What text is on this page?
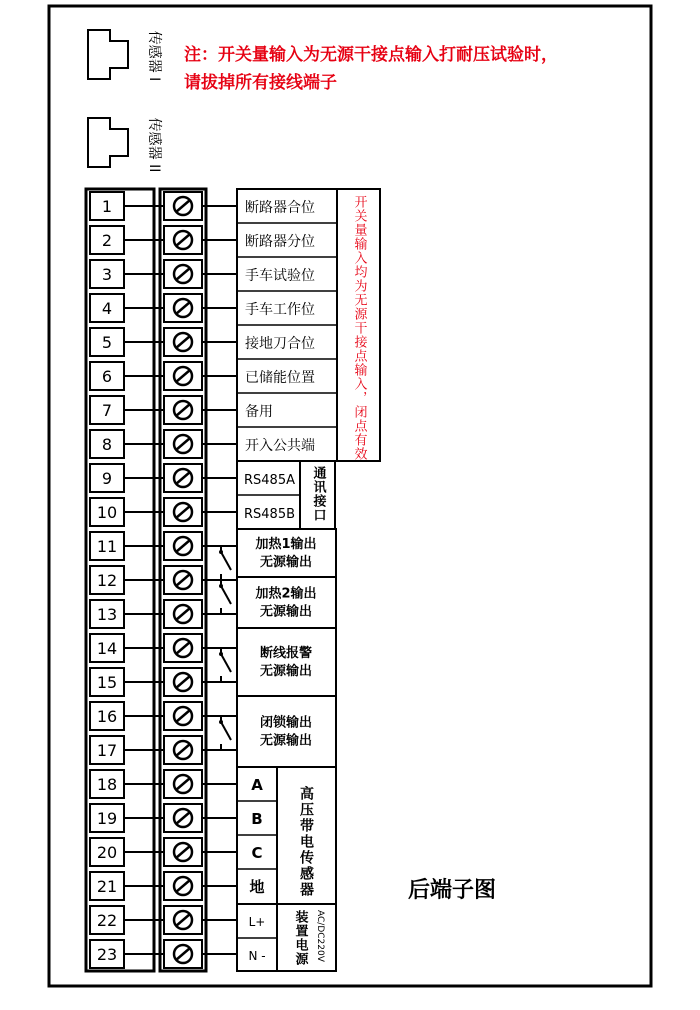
传感器 I
传感器 II
注：开关量输入为无源干接点输入打耐压试验时，
请拔掉所有接线端子
1
2
3
4
5
6
7
8
9
10
11
12
13
14
15
16
17
18
19
20
21
22
23
开关量输入均为无源干接点输入，闭点有效
断路器合位
断路器分位
手车试验位
手车工作位
接地刀合位
已储能位置
备用
开入公共端
通讯接口
RS485A
RS485B
加热1输出
无源输出
加热2输出
无源输出
断线报警
无源输出
闭锁输出
无源输出
高压带电传感器
A
B
C
地
装置电源 AC/DC220V
L+
N -
后端子图
